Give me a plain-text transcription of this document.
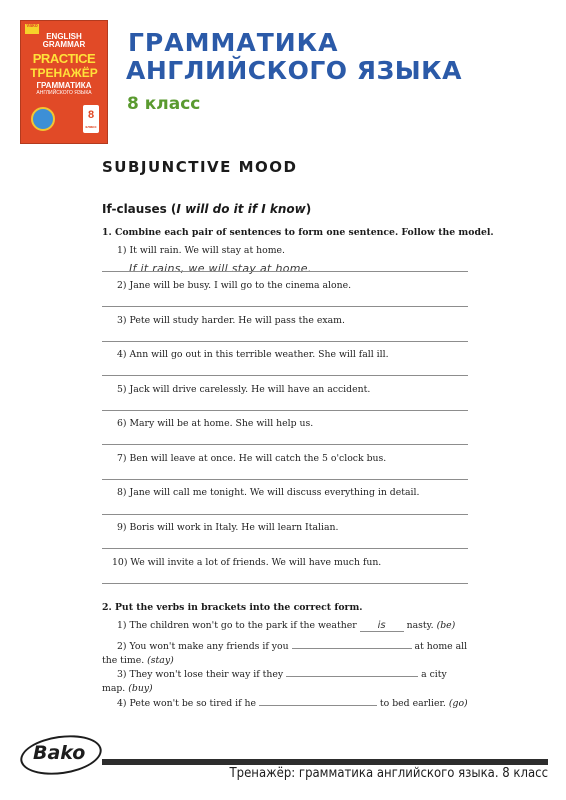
Vako
ENGLISH
GRAMMAR
PRACTICE
ТРЕНАЖЁР
ГРАММАТИКА
АНГЛИЙСКОГО ЯЗЫКА
8
класс
ГРАММАТИКА
АНГЛИЙСКОГО ЯЗЫКА
8 класс
SUBJUNCTIVE MOOD
If-clauses (I will do it if I know)
1. Combine each pair of sentences to form one sentence. Follow the model.
1) It will rain. We will stay at home.
If it rains, we will stay at home.
2) Jane will be busy. I will go to the cinema alone.
3) Pete will study harder. He will pass the exam.
4) Ann will go out in this terrible weather. She will fall ill.
5) Jack will drive carelessly. He will have an accident.
6) Mary will be at home. She will help us.
7) Ben will leave at once. He will catch the 5 o'clock bus.
8) Jane will call me tonight. We will discuss everything in detail.
9) Boris will work in Italy. He will learn Italian.
10) We will invite a lot of friends. We will have much fun.
2. Put the verbs in brackets into the correct form.
1) The children won't go to the park if the weather is nasty. (be)
2) You won't make any friends if you	at home all
the time. (stay)
3) They won't lose their way if they	a city
map. (buy)
4) Pete won't be so tired if he	to bed earlier. (go)
Bako
Тренажёр: грамматика английского языка. 8 класс
